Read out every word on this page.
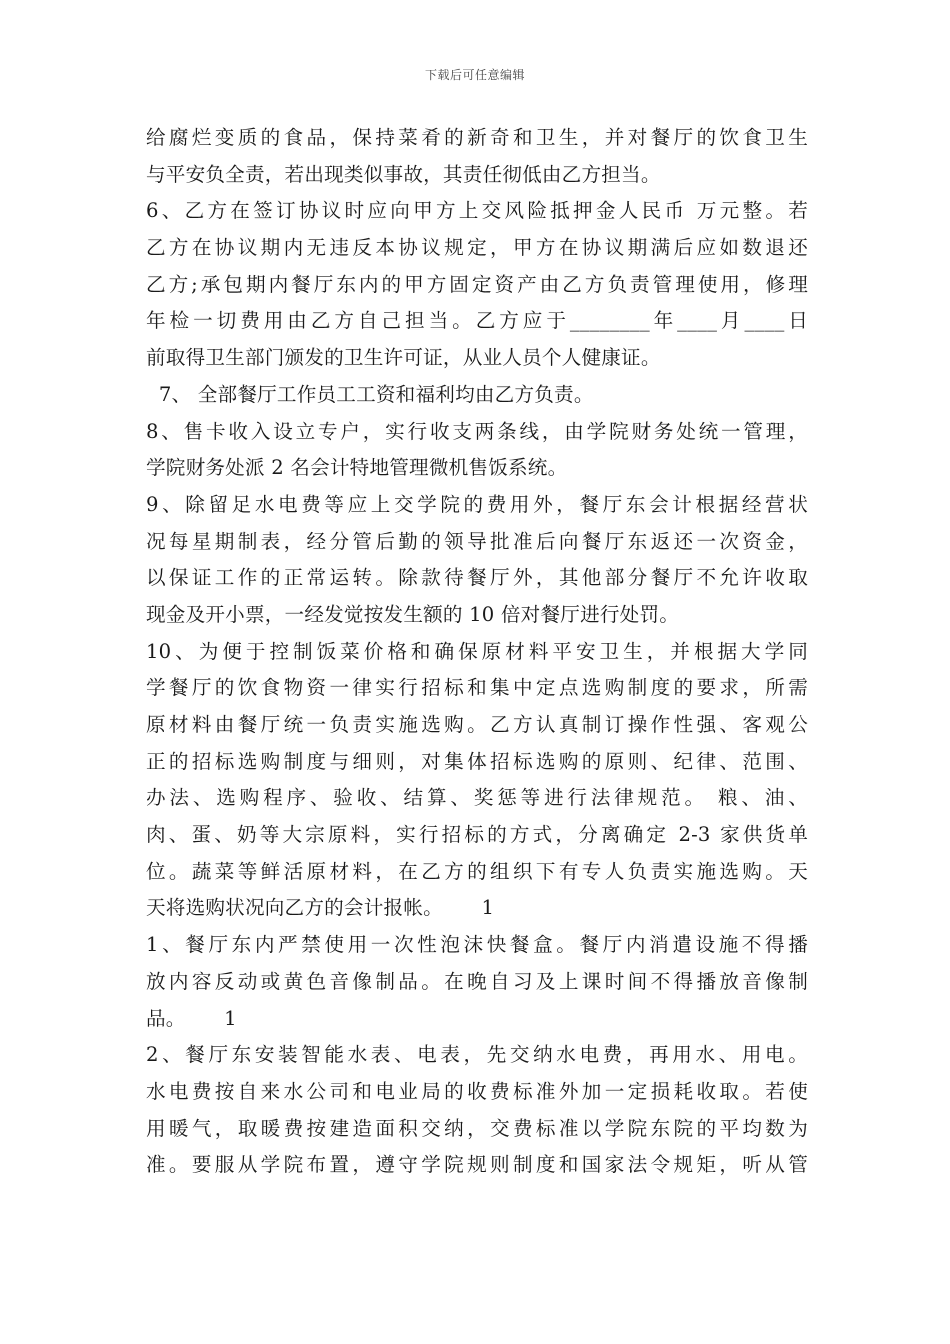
下载后可任意编辑
给腐烂变质的食品，保持菜肴的新奇和卫生，并对餐厅的饮食卫生
与平安负全责，若出现类似事故，其责任彻低由乙方担当。
6、乙方在签订协议时应向甲方上交风险抵押金人民币 万元整。若
乙方在协议期内无违反本协议规定，甲方在协议期满后应如数退还
乙方;承包期内餐厅东内的甲方固定资产由乙方负责管理使用，修理
年检一切费用由乙方自己担当。乙方应于________年____月____日
前取得卫生部门颁发的卫生许可证，从业人员个人健康证。
7、 全部餐厅工作员工工资和福利均由乙方负责。
8、售卡收入设立专户，实行收支两条线，由学院财务处统一管理，
学院财务处派 2 名会计特地管理微机售饭系统。
9、除留足水电费等应上交学院的费用外，餐厅东会计根据经营状
况每星期制表，经分管后勤的领导批准后向餐厅东返还一次资金，
以保证工作的正常运转。除款待餐厅外，其他部分餐厅不允许收取
现金及开小票，一经发觉按发生额的 10 倍对餐厅进行处罚。
10、为便于控制饭菜价格和确保原材料平安卫生，并根据大学同
学餐厅的饮食物资一律实行招标和集中定点选购制度的要求，所需
原材料由餐厅统一负责实施选购。乙方认真制订操作性强、客观公
正的招标选购制度与细则，对集体招标选购的原则、纪律、范围、
办法、选购程序、验收、结算、奖惩等进行法律规范。 粮、油、
肉、蛋、奶等大宗原料，实行招标的方式，分离确定 2-3 家供货单
位。蔬菜等鲜活原材料，在乙方的组织下有专人负责实施选购。天
天将选购状况向乙方的会计报帐。      1
1、餐厅东内严禁使用一次性泡沫快餐盒。餐厅内消遣设施不得播
放内容反动或黄色音像制品。在晚自习及上课时间不得播放音像制
品。      1
2、餐厅东安装智能水表、电表，先交纳水电费，再用水、用电。
水电费按自来水公司和电业局的收费标准外加一定损耗收取。若使
用暖气，取暖费按建造面积交纳，交费标准以学院东院的平均数为
准。要服从学院布置，遵守学院规则制度和国家法令规矩，听从管
